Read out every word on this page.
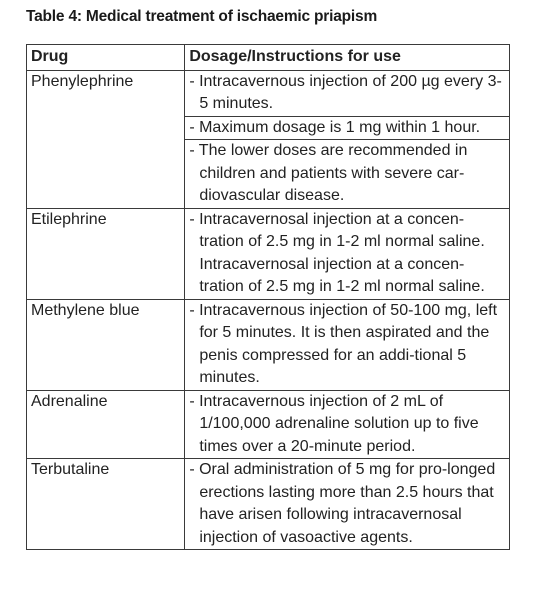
Table 4: Medical treatment of ischaemic priapism
Drug	Dosage/Instructions for use
Phenylephrine	- Intracavernous injection of 200 µg every 3-5 minutes.

	- Maximum dosage is 1 mg within 1 hour.

	- The lower doses are recommended in children and patients with severe car-diovascular disease.

Etilephrine	- Intracavernosal injection at a concen-tration of 2.5 mg in 1-2 ml normal saline.
Intracavernosal injection at a concen-tration of 2.5 mg in 1-2 ml normal saline.

Methylene blue	- Intracavernous injection of 50-100 mg, left for 5 minutes. It is then aspirated and the penis compressed for an addi-tional 5 minutes.

Adrenaline	- Intracavernous injection of 2 mL of 1/100,000 adrenaline solution up to five times over a 20-minute period.

Terbutaline	- Oral administration of 5 mg for pro-longed erections lasting more than 2.5 hours that have arisen following intracavernosal injection of vasoactive agents.
